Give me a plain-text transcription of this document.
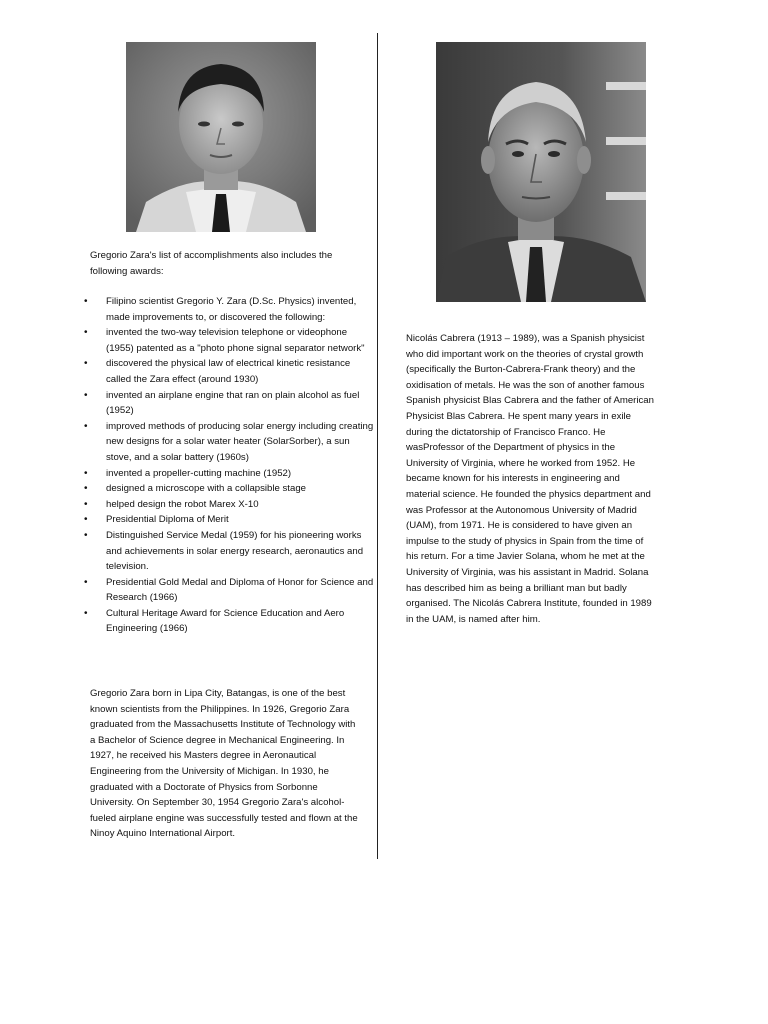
Gregorio Zara's list of accomplishments also includes the following awards:

• Filipino scientist Gregorio Y. Zara (D.Sc. Physics) invented, made improvements to, or discovered the following:
• invented the two-way television telephone or videophone (1955) patented as a "photo phone signal separator network"
• discovered the physical law of electrical kinetic resistance called the Zara effect (around 1930)
• invented an airplane engine that ran on plain alcohol as fuel (1952)
• improved methods of producing solar energy including creating new designs for a solar water heater (SolarSorber), a sun stove, and a solar battery (1960s)
• invented a propeller-cutting machine (1952)
• designed a microscope with a collapsible stage
• helped design the robot Marex X-10
• Presidential Diploma of Merit
• Distinguished Service Medal (1959) for his pioneering works and achievements in solar energy research, aeronautics and television.
• Presidential Gold Medal and Diploma of Honor for Science and Research (1966)
• Cultural Heritage Award for Science Education and Aero Engineering (1966)

Gregorio Zara born in Lipa City, Batangas, is one of the best known scientists from the Philippines. In 1926, Gregorio Zara graduated from the Massachusetts Institute of Technology with a Bachelor of Science degree in Mechanical Engineering. In 1927, he received his Masters degree in Aeronautical Engineering from the University of Michigan. In 1930, he graduated with a Doctorate of Physics from Sorbonne University. On September 30, 1954 Gregorio Zara's alcohol-fueled airplane engine was successfully tested and flown at the Ninoy Aquino International Airport.

Nicolás Cabrera (1913 – 1989), was a Spanish physicist who did important work on the theories of crystal growth (specifically the Burton-Cabrera-Frank theory) and the oxidisation of metals. He was the son of another famous Spanish physicist Blas Cabrera and the father of American Physicist Blas Cabrera. He spent many years in exile during the dictatorship of Francisco Franco. He wasProfessor of the Department of physics in the University of Virginia, where he worked from 1952. He became known for his interests in engineering and material science. He founded the physics department and was Professor at the Autonomous University of Madrid (UAM), from 1971. He is considered to have given an impulse to the study of physics in Spain from the time of his return. For a time Javier Solana, whom he met at the University of Virginia, was his assistant in Madrid. Solana has described him as being a brilliant man but badly organised. The Nicolás Cabrera Institute, founded in 1989 in the UAM, is named after him.
